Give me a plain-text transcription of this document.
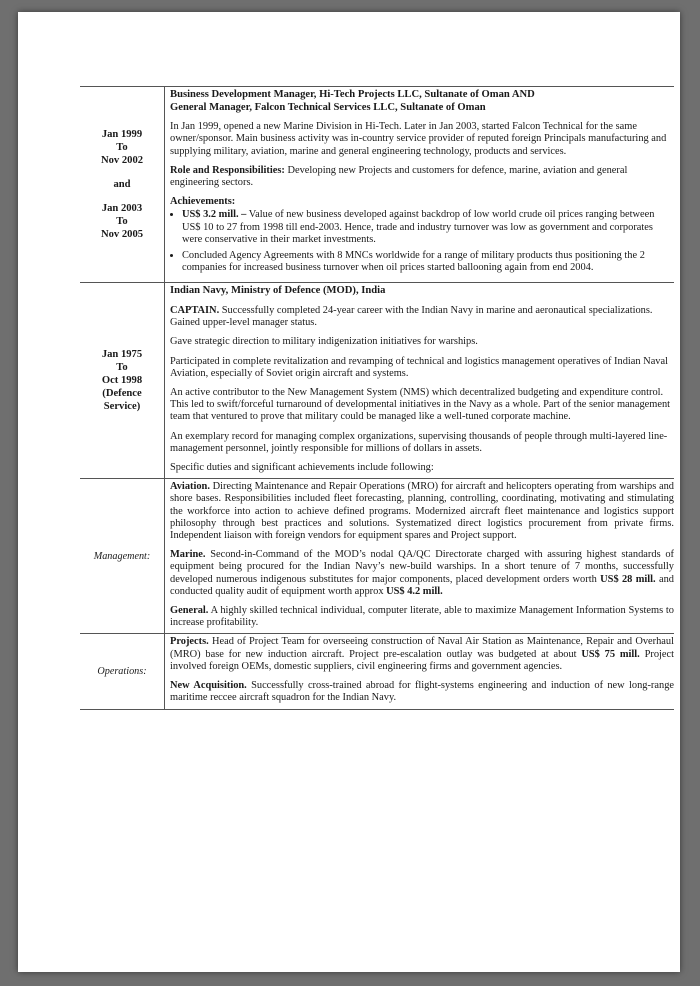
Jan 1999
To
Nov 2002
and
Jan 2003
To
Nov 2005
Business Development Manager, Hi-Tech Projects LLC, Sultanate of Oman AND
General Manager, Falcon Technical Services LLC, Sultanate of Oman

In Jan 1999, opened a new Marine Division in Hi-Tech. Later in Jan 2003, started Falcon Technical for the same owner/sponsor. Main business activity was in-country service provider of reputed foreign Principals manufacturing and supplying military, aviation, marine and general engineering technology, products and services.

Role and Responsibilities: Developing new Projects and customers for defence, marine, aviation and general engineering sectors.

Achievements:
• US$ 3.2 mill. – Value of new business developed against backdrop of low world crude oil prices ranging between US$ 10 to 27 from 1998 till end-2003. Hence, trade and industry turnover was low as government and corporates were conservative in their market investments.
• Concluded Agency Agreements with 8 MNCs worldwide for a range of military products thus positioning the 2 companies for increased business turnover when oil prices started ballooning again from end 2004.
Jan 1975
To
Oct 1998
(Defence
Service)
Indian Navy, Ministry of Defence (MOD), India

CAPTAIN. Successfully completed 24-year career with the Indian Navy in marine and aeronautical specializations. Gained upper-level manager status.

Gave strategic direction to military indigenization initiatives for warships.

Participated in complete revitalization and revamping of technical and logistics management operatives of Indian Naval Aviation, especially of Soviet origin aircraft and systems.

An active contributor to the New Management System (NMS) which decentralized budgeting and expenditure control. This led to swift/forceful turnaround of developmental initiatives in the Navy as a whole. Part of the senior management team that ventured to prove that military could be managed like a well-tuned corporate machine.

An exemplary record for managing complex organizations, supervising thousands of people through multi-layered line-management personnel, jointly responsible for millions of dollars in assets.

Specific duties and significant achievements include following:

Management:

Aviation. Directing Maintenance and Repair Operations (MRO) for aircraft and helicopters operating from warships and shore bases. Responsibilities included fleet forecasting, planning, controlling, coordinating, motivating and stimulating the workforce into action to achieve defined programs. Modernized aircraft fleet maintenance and logistics support philosophy through best practices and solutions. Systematized direct logistics procurement from private firms. Independent liaison with foreign vendors for equipment spares and Project support.

Marine. Second-in-Command of the MOD’s nodal QA/QC Directorate charged with assuring highest standards of equipment being procured for the Indian Navy’s new-build warships. In a short tenure of 7 months, successfully developed numerous indigenous substitutes for major components, placed development orders worth US$ 28 mill. and conducted quality audit of equipment worth approx US$ 4.2 mill.

General. A highly skilled technical individual, computer literate, able to maximize Management Information Systems to increase profitability.

Operations:

Projects. Head of Project Team for overseeing construction of Naval Air Station as Maintenance, Repair and Overhaul (MRO) base for new induction aircraft. Project pre-escalation outlay was budgeted at about US$ 75 mill. Project involved foreign OEMs, domestic suppliers, civil engineering firms and government agencies.

New Acquisition. Successfully cross-trained abroad for flight-systems engineering and induction of new long-range maritime reccee aircraft squadron for the Indian Navy.
